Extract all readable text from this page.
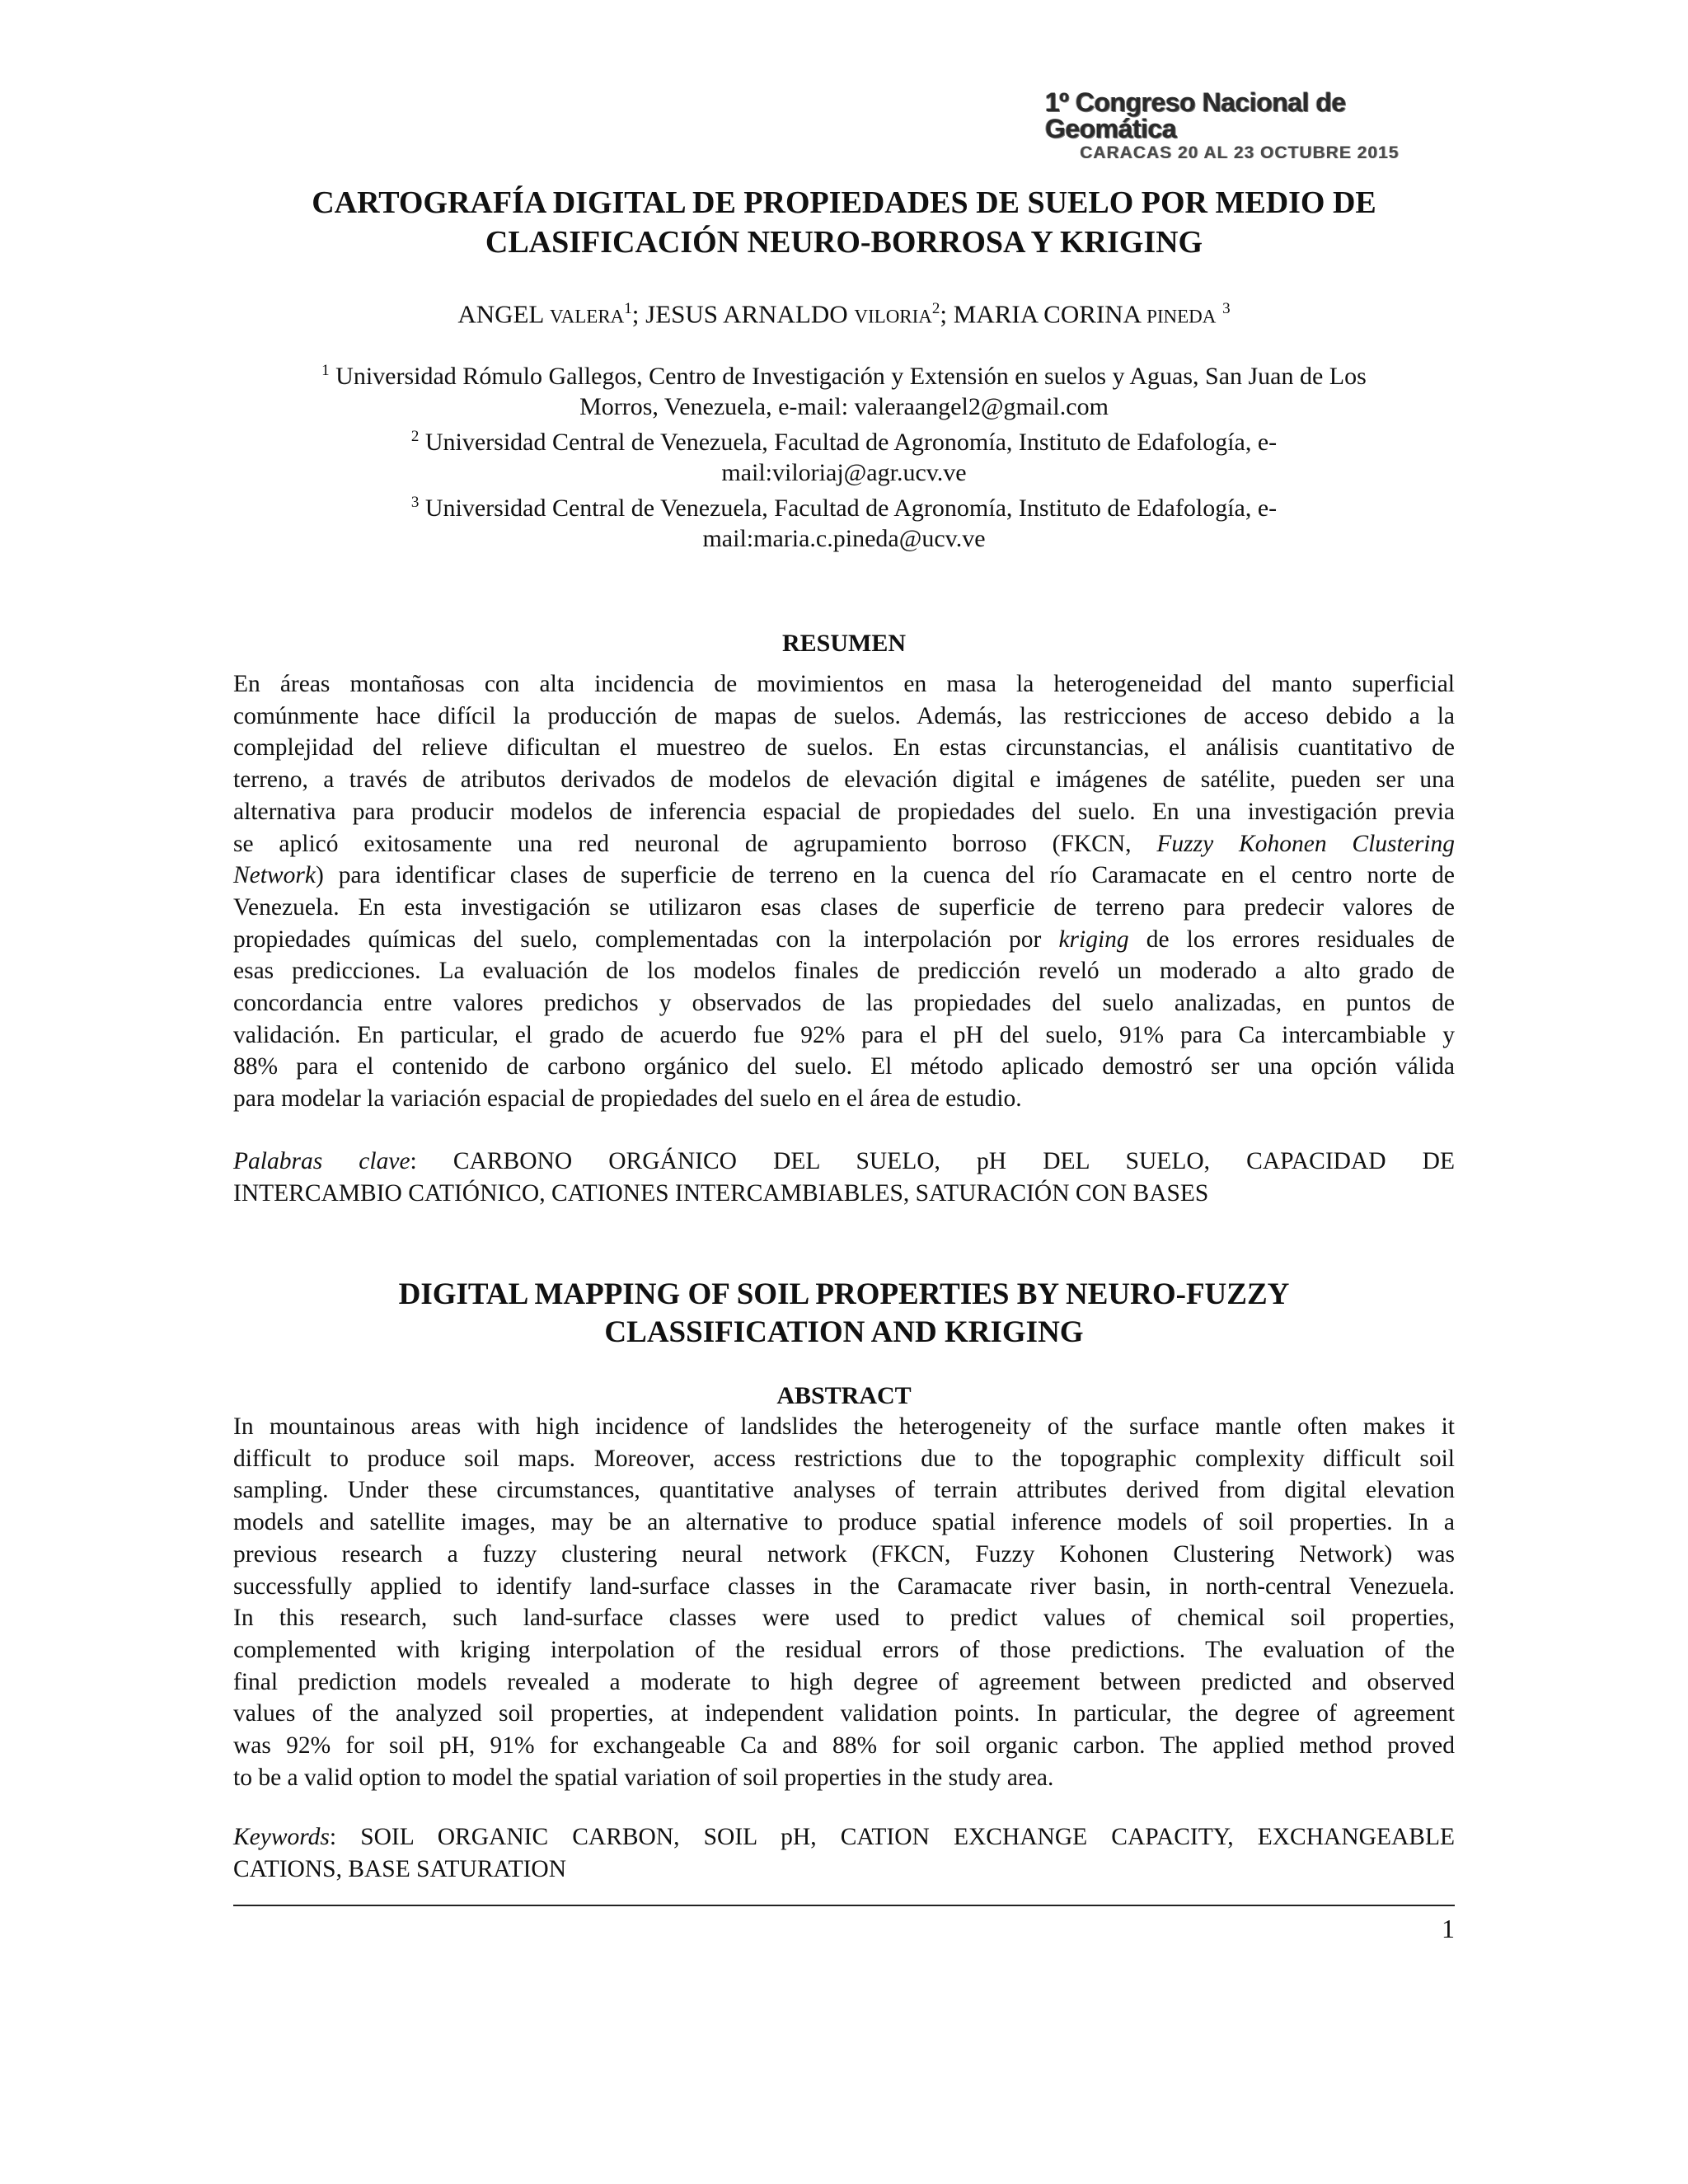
1º Congreso Nacional de Geomática
CARACAS 20 AL 23 OCTUBRE 2015
CARTOGRAFÍA DIGITAL DE PROPIEDADES DE SUELO POR MEDIO DE
CLASIFICACIÓN NEURO-BORROSA Y KRIGING
ANGEL VALERA$^1$; JESUS ARNALDO VILORIA$^2$; MARIA CORINA PINEDA $^3$
$^1$ Universidad Rómulo Gallegos, Centro de Investigación y Extensión en suelos y Aguas, San Juan de Los
Morros, Venezuela, e-mail: valeraangel2@gmail.com
$^2$ Universidad Central de Venezuela, Facultad de Agronomía, Instituto de Edafología, e-
mail:viloriaj@agr.ucv.ve
$^3$ Universidad Central de Venezuela, Facultad de Agronomía, Instituto de Edafología, e-
mail:maria.c.pineda@ucv.ve
RESUMEN
En áreas montañosas con alta incidencia de movimientos en masa la heterogeneidad del manto superficial
comúnmente hace difícil la producción de mapas de suelos. Además, las restricciones de acceso debido a la
complejidad del relieve dificultan el muestreo de suelos. En estas circunstancias, el análisis cuantitativo de
terreno, a través de atributos derivados de modelos de elevación digital e imágenes de satélite, pueden ser una
alternativa para producir modelos de inferencia espacial de propiedades del suelo. En una investigación previa
se aplicó exitosamente una red neuronal de agrupamiento borroso (FKCN, Fuzzy Kohonen Clustering
Network) para identificar clases de superficie de terreno en la cuenca del río Caramacate en el centro norte de
Venezuela. En esta investigación se utilizaron esas clases de superficie de terreno para predecir valores de
propiedades químicas del suelo, complementadas con la interpolación por kriging de los errores residuales de
esas predicciones. La evaluación de los modelos finales de predicción reveló un moderado a alto grado de
concordancia entre valores predichos y observados de las propiedades del suelo analizadas, en puntos de
validación. En particular, el grado de acuerdo fue 92% para el pH del suelo, 91% para Ca intercambiable y
88% para el contenido de carbono orgánico del suelo. El método aplicado demostró ser una opción válida
para modelar la variación espacial de propiedades del suelo en el área de estudio.
Palabras clave: CARBONO ORGÁNICO DEL SUELO, pH DEL SUELO, CAPACIDAD DE
INTERCAMBIO CATIÓNICO, CATIONES INTERCAMBIABLES, SATURACIÓN CON BASES
DIGITAL MAPPING OF SOIL PROPERTIES BY NEURO-FUZZY
CLASSIFICATION AND KRIGING
ABSTRACT
In mountainous areas with high incidence of landslides the heterogeneity of the surface mantle often makes it
difficult to produce soil maps. Moreover, access restrictions due to the topographic complexity difficult soil
sampling. Under these circumstances, quantitative analyses of terrain attributes derived from digital elevation
models and satellite images, may be an alternative to produce spatial inference models of soil properties. In a
previous research a fuzzy clustering neural network (FKCN, Fuzzy Kohonen Clustering Network) was
successfully applied to identify land-surface classes in the Caramacate river basin, in north-central Venezuela.
In this research, such land-surface classes were used to predict values of chemical soil properties,
complemented with kriging interpolation of the residual errors of those predictions. The evaluation of the
final prediction models revealed a moderate to high degree of agreement between predicted and observed
values of the analyzed soil properties, at independent validation points. In particular, the degree of agreement
was 92% for soil pH, 91% for exchangeable Ca and 88% for soil organic carbon. The applied method proved
to be a valid option to model the spatial variation of soil properties in the study area.
Keywords: SOIL ORGANIC CARBON, SOIL pH, CATION EXCHANGE CAPACITY, EXCHANGEABLE
CATIONS, BASE SATURATION
1
